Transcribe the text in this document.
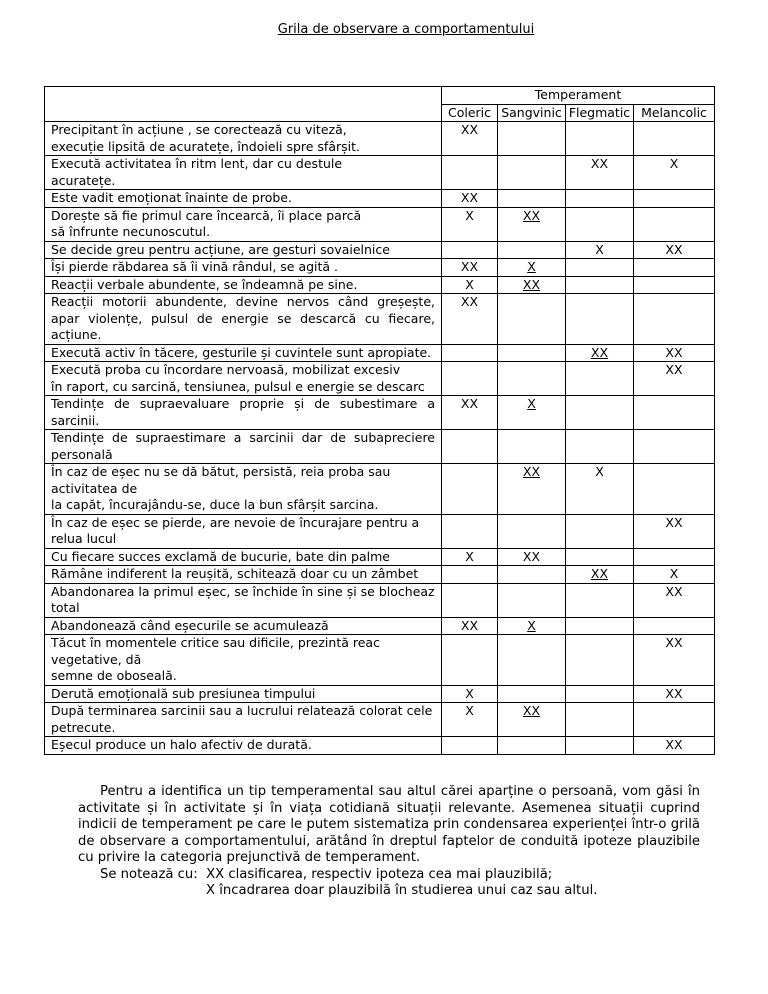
Grila de observare a comportamentului
	Temperament			
	Coleric	Sangvinic	Flegmatic	Melancolic

Precipitant în acțiune , se corectează cu viteză,
execuție lipsită de acuratețe, îndoieli spre sfârșit.	XX			

Execută activitatea în ritm lent, dar cu destule
acuratețe.			XX	X

Este vadit emoționat înainte de probe.	XX			

Dorește să fie primul care încearcă, îi place parcă
să înfrunte necunoscutul.	X	XX		

Se decide greu pentru acțiune, are gesturi sovaielnice			X	XX

Își pierde răbdarea să îi vină rândul, se agită .	XX	X		

Reacții verbale abundente, se îndeamnă pe sine.	X	XX		

Reacții motorii abundente, devine nervos când greșește, apar violențe, pulsul de energie se descarcă cu fiecare, acțiune.	XX			

Execută activ în tăcere, gesturile și cuvintele sunt apropiate.			XX	XX

Execută proba cu încordare nervoasă, mobilizat excesiv
în raport, cu sarcină, tensiunea, pulsul e energie se descarc				XX

Tendințe de supraevaluare proprie și de subestimare a sarcinii.	XX	X		

Tendințe de supraestimare a sarcinii dar de subapreciere personală				

În caz de eșec nu se dă bătut, persistă, reia proba sau
activitatea de
la capăt, încurajându-se, duce la bun sfârșit sarcina.		XX	X	

În caz de eșec se pierde, are nevoie de încurajare pentru a
relua lucul				XX

Cu fiecare succes exclamă de bucurie, bate din palme	X	XX		

Rămâne indiferent la reușită, schitează doar cu un zâmbet			XX	X

Abandonarea la primul eșec, se închide în sine și se blocheaz
total				XX

Abandonează când eșecurile se acumulează	XX	X		

Tăcut în momentele critice sau dificile, prezintă reac
vegetative, dă
semne de oboseală.				XX

Derută emoțională sub presiunea timpului	X			XX

După terminarea sarcinii sau a lucrului relatează colorat cele
petrecute.	X	XX		

Eșecul produce un halo afectiv de durată.				XX

Pentru a identifica un tip temperamental sau altul cărei aparține o persoană, vom găsi în activitate și în activitate și în viața cotidiană situații relevante. Asemenea situații cuprind indicii de temperament pe care le putem sistematiza prin condensarea experienței într-o grilă de observare a comportamentului, arătând în dreptul faptelor de conduită ipoteze plauzibile cu privire la categoria prejunctivă de temperament.

Se notează cu: XX clasificarea, respectiv ipoteza cea mai plauzibilă;

X încadrarea doar plauzibilă în studierea unui caz sau altul.
